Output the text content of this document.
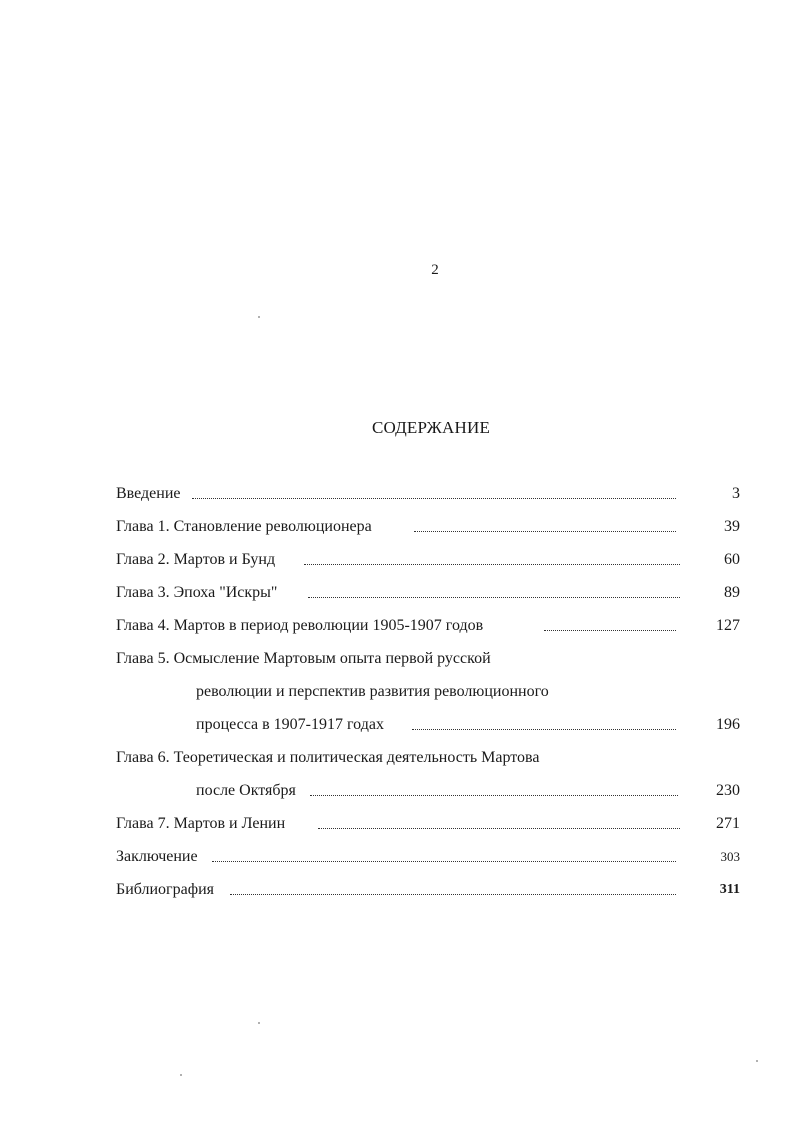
2
СОДЕРЖАНИЕ
Введение	3
Глава 1. Становление революционера	39
Глава 2. Мартов и Бунд	60
Глава 3. Эпоха "Искры"	89
Глава 4. Мартов в период революции 1905-1907 годов	127
Глава 5. Осмысление Мартовым опыта первой русской
революции и перспектив развития революционного
процесса в 1907-1917 годах	196
Глава 6. Теоретическая и политическая деятельность Мартова
после Октября	230
Глава 7. Мартов и Ленин	271
Заключение	303
Библиография	311
